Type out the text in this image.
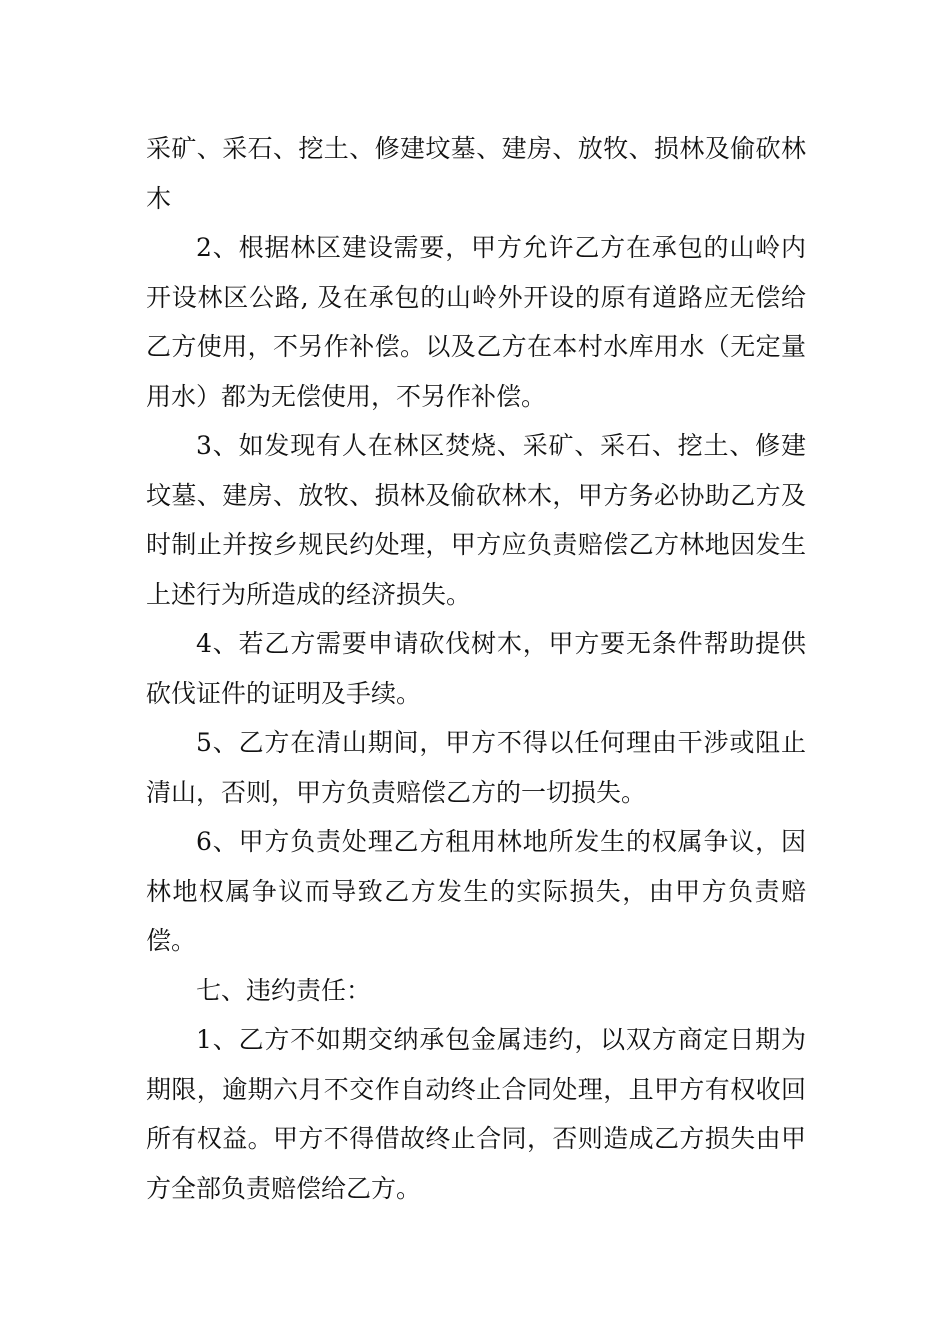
采矿、采石、挖土、修建坟墓、建房、放牧、损林及偷砍林木

2、根据林区建设需要，甲方允许乙方在承包的山岭内开设林区公路, 及在承包的山岭外开设的原有道路应无偿给乙方使用，不另作补偿。以及乙方在本村水库用水（无定量用水）都为无偿使用，不另作补偿。

3、如发现有人在林区焚烧、采矿、采石、挖土、修建坟墓、建房、放牧、损林及偷砍林木，甲方务必协助乙方及时制止并按乡规民约处理，甲方应负责赔偿乙方林地因发生上述行为所造成的经济损失。

4、若乙方需要申请砍伐树木，甲方要无条件帮助提供砍伐证件的证明及手续。

5、乙方在清山期间，甲方不得以任何理由干涉或阻止清山，否则，甲方负责赔偿乙方的一切损失。

6、甲方负责处理乙方租用林地所发生的权属争议，因林地权属争议而导致乙方发生的实际损失，由甲方负责赔偿。

七、违约责任：

1、乙方不如期交纳承包金属违约，以双方商定日期为期限，逾期六月不交作自动终止合同处理，且甲方有权收回所有权益。甲方不得借故终止合同，否则造成乙方损失由甲方全部负责赔偿给乙方。
